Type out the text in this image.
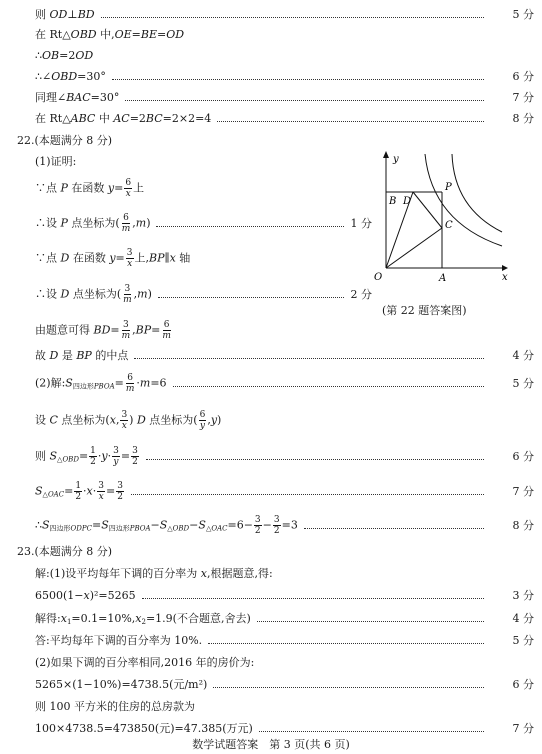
则 OD⊥BD	5 分
在 Rt△OBD 中,OE=BE=OD
∴OB=2OD
∴∠OBD=30°	6 分
同理∠BAC=30°	7 分
在 Rt△ABC 中 AC=2BC=2×2=4	8 分
22.(本题满分 8 分)
(1)证明:
∵点 P 在函数 $y= \frac{6}{x}$ 上
∴设 P 点坐标为( $\frac{6}{m} ,m$)	1 分
∵点 D 在函数 $y= \frac{3}{x}$ 上,BP∥x 轴
∴设 D 点坐标为( $\frac{3}{m} ,m$)	2 分
由题意可得 $BD= \frac{3}{m} ,BP= \frac{6}{m}$
故 D 是 BP 的中点	4 分
(2)解$:S_{四边形PBOA}= \frac{6}{m} \cdot m=6$	5 分
设 C 点坐标为(x, $\frac{3}{x}$ ) D 点坐标为( $\frac{6}{y} ,y$)
则 $S_{\triangle OBD}= \frac{1}{2} \cdot y\cdot \frac{3}{y} = \frac{3}{2}$	6 分
$S_{\triangle OAC}= \frac{1}{2} \cdot x\cdot \frac{3}{x} = \frac{3}{2}$	7 分
$\therefore S_{四边形ODPC}=S_{四边形PBOA}-S_{\triangle OBD}-S_{\triangle OAC}=6- \frac{3}{2} - \frac{3}{2} =3$	8 分
23.(本题满分 8 分)
解:(1)设平均每年下调的百分率为 x,根据题意,得:
6500(1−x)²=5265	3 分
解得$:x_1=0.1=10\%,x_2=1.9$(不合题意,舍去)	4 分
答:平均每年下调的百分率为 10%.	5 分
(2)如果下调的百分率相同,2016 年的房价为:
5265×(1−10%)=4738.5(元/m²)	6 分
则 100 平方米的住房的总房款为
100×4738.5=473850(元)=47.385(万元)	7 分
y
x
O	A
B D
P
C
(第 22 题答案图)
数学试题答案　第 3 页(共 6 页)
